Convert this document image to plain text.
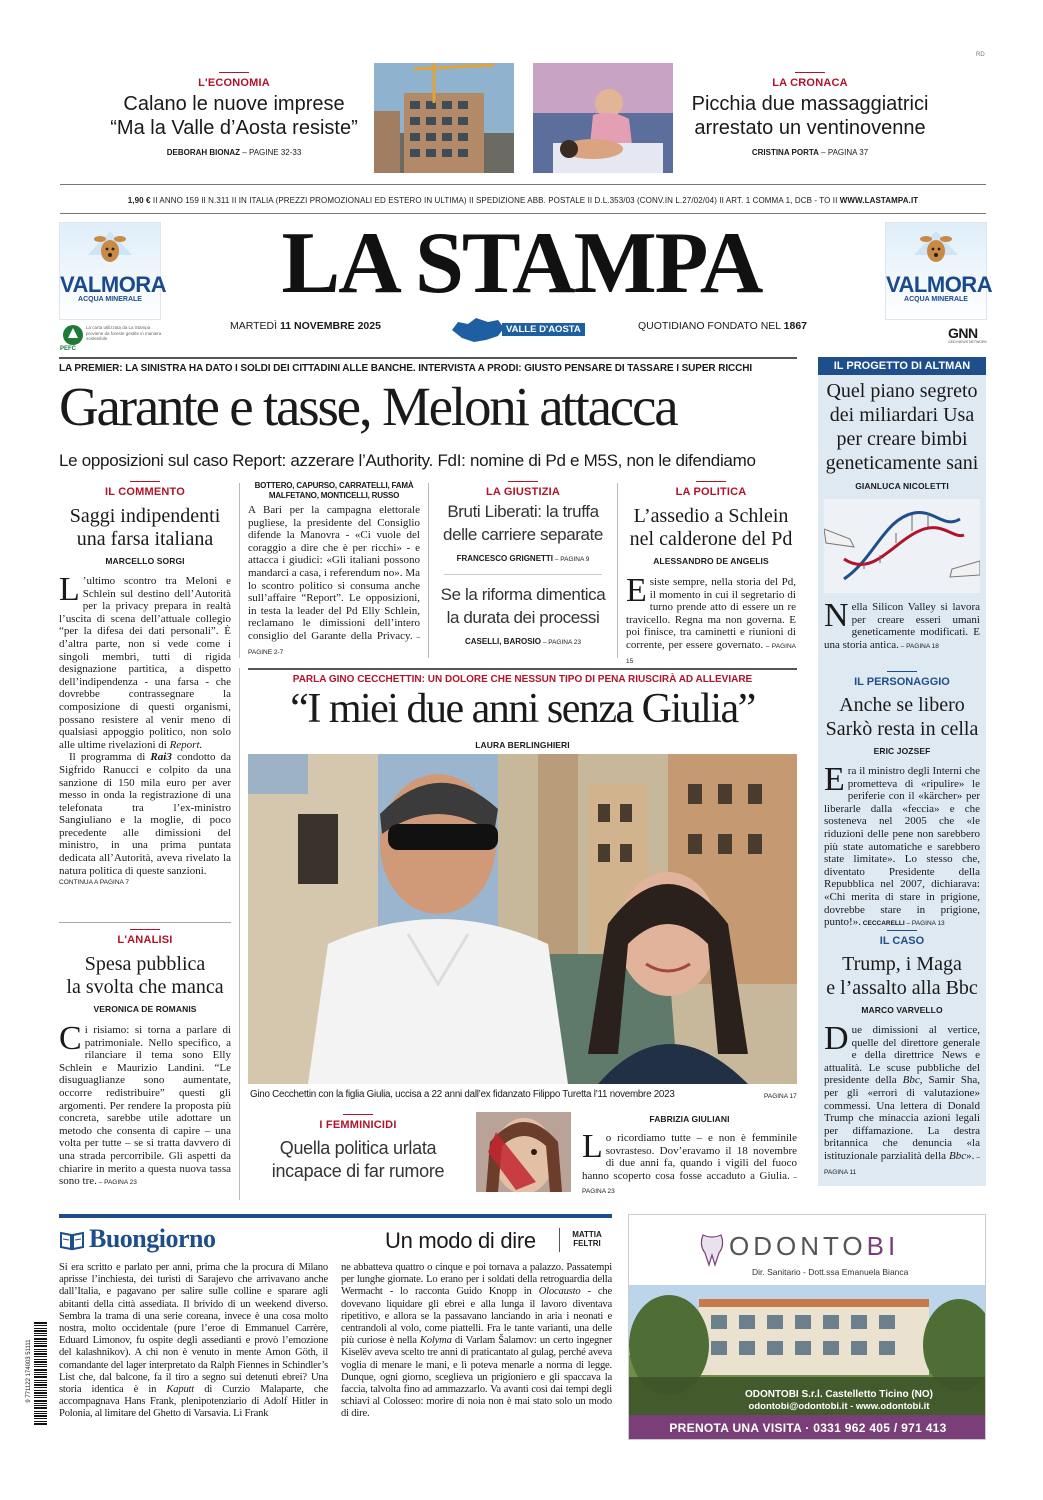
RD
L'ECONOMIA
Calano le nuove imprese
“Ma la Valle d’Aosta resiste”
DEBORAH BIONAZ – PAGINE 32-33
LA CRONACA
Picchia due massaggiatrici
arrestato un ventinovenne
CRISTINA PORTA – PAGINA 37
1,90 € II ANNO 159 II N.311 II IN ITALIA (PREZZI PROMOZIONALI ED ESTERO IN ULTIMA) II SPEDIZIONE ABB. POSTALE II D.L.353/03 (CONV.IN L.27/02/04) II ART. 1 COMMA 1, DCB - TO II WWW.LASTAMPA.IT
VALMORA
ACQUA MINERALE
VALMORA
ACQUA MINERALE
PEFC
La carta utilizzata da La Stampa proviene da foreste gestite in maniera sostenibile
LA STAMPA
MARTEDÌ 11 NOVEMBRE 2025	VALLE D'AOSTA	QUOTIDIANO FONDATO NEL 1867	GNN
GEDI NEWS NETWORK
LA PREMIER: LA SINISTRA HA DATO I SOLDI DEI CITTADINI ALLE BANCHE. INTERVISTA A PRODI: GIUSTO PENSARE DI TASSARE I SUPER RICCHI
Garante e tasse, Meloni attacca
Le opposizioni sul caso Report: azzerare l’Authority. FdI: nomine di Pd e M5S, non le difendiamo
IL COMMENTO
Saggi indipendenti
una farsa italiana
MARCELLO SORGI
L ’ultimo scontro tra Meloni e Schlein sul destino dell’Autorità per la privacy prepara in realtà l’uscita di scena dell’attuale collegio “per la difesa dei dati personali”. È d’altra parte, non si vede come i singoli membri, tutti di rigida designazione partitica, a dispetto dell’indipendenza - una farsa - che dovrebbe contrassegnare la composizione di questi organismi, possano resistere al venir meno di qualsiasi appoggio politico, non solo alle ultime rivelazioni di Report.
Il programma di Rai3 condotto da Sigfrido Ranucci e colpito da una sanzione di 150 mila euro per aver messo in onda la registrazione di una telefonata tra l’ex-ministro Sangiuliano e la moglie, di poco precedente alle dimissioni del ministro, in una prima puntata dedicata all’Autorità, aveva rivelato la natura politica di queste sanzioni.
CONTINUA A PAGINA 7
BOTTERO, CAPURSO, CARRATELLI, FAMÀ
MALFETANO, MONTICELLI, RUSSO
A Bari per la campagna elettorale pugliese, la presidente del Consiglio difende la Manovra - «Ci vuole del coraggio a dire che è per ricchi» - e attacca i giudici: «Gli italiani possono mandarci a casa, i referendum no». Ma lo scontro politico si consuma anche sull’affaire “Report”. Le opposizioni, in testa la leader del Pd Elly Schlein, reclamano le dimissioni dell’intero consiglio del Garante della Privacy. – PAGINE 2-7
LA GIUSTIZIA
Bruti Liberati: la truffa
delle carriere separate
FRANCESCO GRIGNETTI – PAGINA 9
Se la riforma dimentica
la durata dei processi
CASELLI, BAROSIO – PAGINA 23
LA POLITICA
L’assedio a Schlein
nel calderone del Pd
ALESSANDRO DE ANGELIS
Esiste sempre, nella storia del Pd, il momento in cui il segretario di turno prende atto di essere un re travicello. Regna ma non governa. E poi finisce, tra caminetti e riunioni di corrente, per essere governato. – PAGINA 15
IL PROGETTO DI ALTMAN
Quel piano segreto
dei miliardari Usa
per creare bimbi
geneticamente sani
GIANLUCA NICOLETTI
Nella Silicon Valley si lavora per creare esseri umani geneticamente modificati. E una storia antica. – PAGINA 18
IL PERSONAGGIO
Anche se libero
Sarkò resta in cella
ERIC JOZSEF
Era il ministro degli Interni che prometteva di «ripulire» le periferie con il «kärcher» per liberarle dalla «feccia» e che sosteneva nel 2005 che «le riduzioni delle pene non sarebbero più state automatiche e sarebbero state limitate». Lo stesso che, diventato Presidente della Repubblica nel 2007, dichiarava: «Chi merita di stare in prigione, dovrebbe stare in prigione, punto!». CECCARELLI – PAGINA 13
IL CASO
Trump, i Maga
e l’assalto alla Bbc
MARCO VARVELLO
Due dimissioni al vertice, quelle del direttore generale e della direttrice News e attualità. Le scuse pubbliche del presidente della Bbc, Samir Sha, per gli «errori di valutazione» commessi. Una lettera di Donald Trump che minaccia azioni legali per diffamazione. La destra britannica che denuncia «la istituzionale parzialità della Bbc». – PAGINA 11
PARLA GINO CECCHETTIN: UN DOLORE CHE NESSUN TIPO DI PENA RIUSCIRÀ AD ALLEVIARE
“I miei due anni senza Giulia”
LAURA BERLINGHIERI
Gino Cecchettin con la figlia Giulia, uccisa a 22 anni dall’ex fidanzato Filippo Turetta l’11 novembre 2023	PAGINA 17
L'ANALISI
Spesa pubblica
la svolta che manca
VERONICA DE ROMANIS
Ci risiamo: si torna a parlare di patrimoniale. Nello specifico, a rilanciare il tema sono Elly Schlein e Maurizio Landini. “Le disuguaglianze sono aumentate, occorre redistribuire” questi gli argomenti. Per rendere la proposta più concreta, sarebbe utile adottare un metodo che consenta di capire – una volta per tutte – se si tratta davvero di una strada percorribile. Gli aspetti da chiarire in merito a questa nuova tassa sono tre. – PAGINA 23
I FEMMINICIDI
Quella politica urlata
incapace di far rumore
FABRIZIA GIULIANI
Lo ricordiamo tutte – e non è femminile sovrasteso. Dov’eravamo il 18 novembre di due anni fa, quando i vigili del fuoco hanno scoperto cosa fosse accaduto a Giulia. – PAGINA 23
Buongiorno	Un modo di dire	MATTIA
FELTRI
Si era scritto e parlato per anni, prima che la procura di Milano aprisse l’inchiesta, dei turisti di Sarajevo che arrivavano anche dall’Italia, e pagavano per salire sulle colline e sparare agli abitanti della città assediata. Il brivido di un weekend diverso. Sembra la trama di una serie coreana, invece è una cosa molto nostra, molto occidentale (pure l’eroe di Emmanuel Carrère, Eduard Limonov, fu ospite degli assedianti e provò l’emozione del kalashnikov). A chi non è venuto in mente Amon Göth, il comandante del lager interpretato da Ralph Fiennes in Schindler’s List che, dal balcone, fa il tiro a segno sui detenuti ebrei? Una storia identica è in Kaputt di Curzio Malaparte, che accompagnava Hans Frank, plenipotenziario di Adolf Hitler in Polonia, al limitare del Ghetto di Varsavia. Lì Frank
ne abbatteva quattro o cinque e poi tornava a palazzo. Passatempi per lunghe giornate. Lo erano per i soldati della retroguardia della Wermacht - lo racconta Guido Knopp in Olocausto - che dovevano liquidare gli ebrei e alla lunga il lavoro diventava ripetitivo, e allora se la passavano lanciando in aria i neonati e centrandoli al volo, come piattelli. Fra le tante varianti, una delle più curiose è nella Kolyma di Varlam Šalamov: un certo ingegner Kiselëv aveva scelto tre anni di praticantato al gulag, perché aveva voglia di menare le mani, e lì poteva menarle a norma di legge. Dunque, ogni giorno, sceglieva un prigioniero e gli spaccava la faccia, talvolta fino ad ammazzarlo. Va avanti così dai tempi degli schiavi al Colosseo: morire di noia non è mai stato solo un modo di dire.
9 771122 174003 51111
ODONTOBI
Dir. Sanitario - Dott.ssa Emanuela Bianca
ODONTOBI S.r.l. Castelletto Ticino (NO)
odontobi@odontobi.it - www.odontobi.it
PRENOTA UNA VISITA · 0331 962 405 / 971 413
